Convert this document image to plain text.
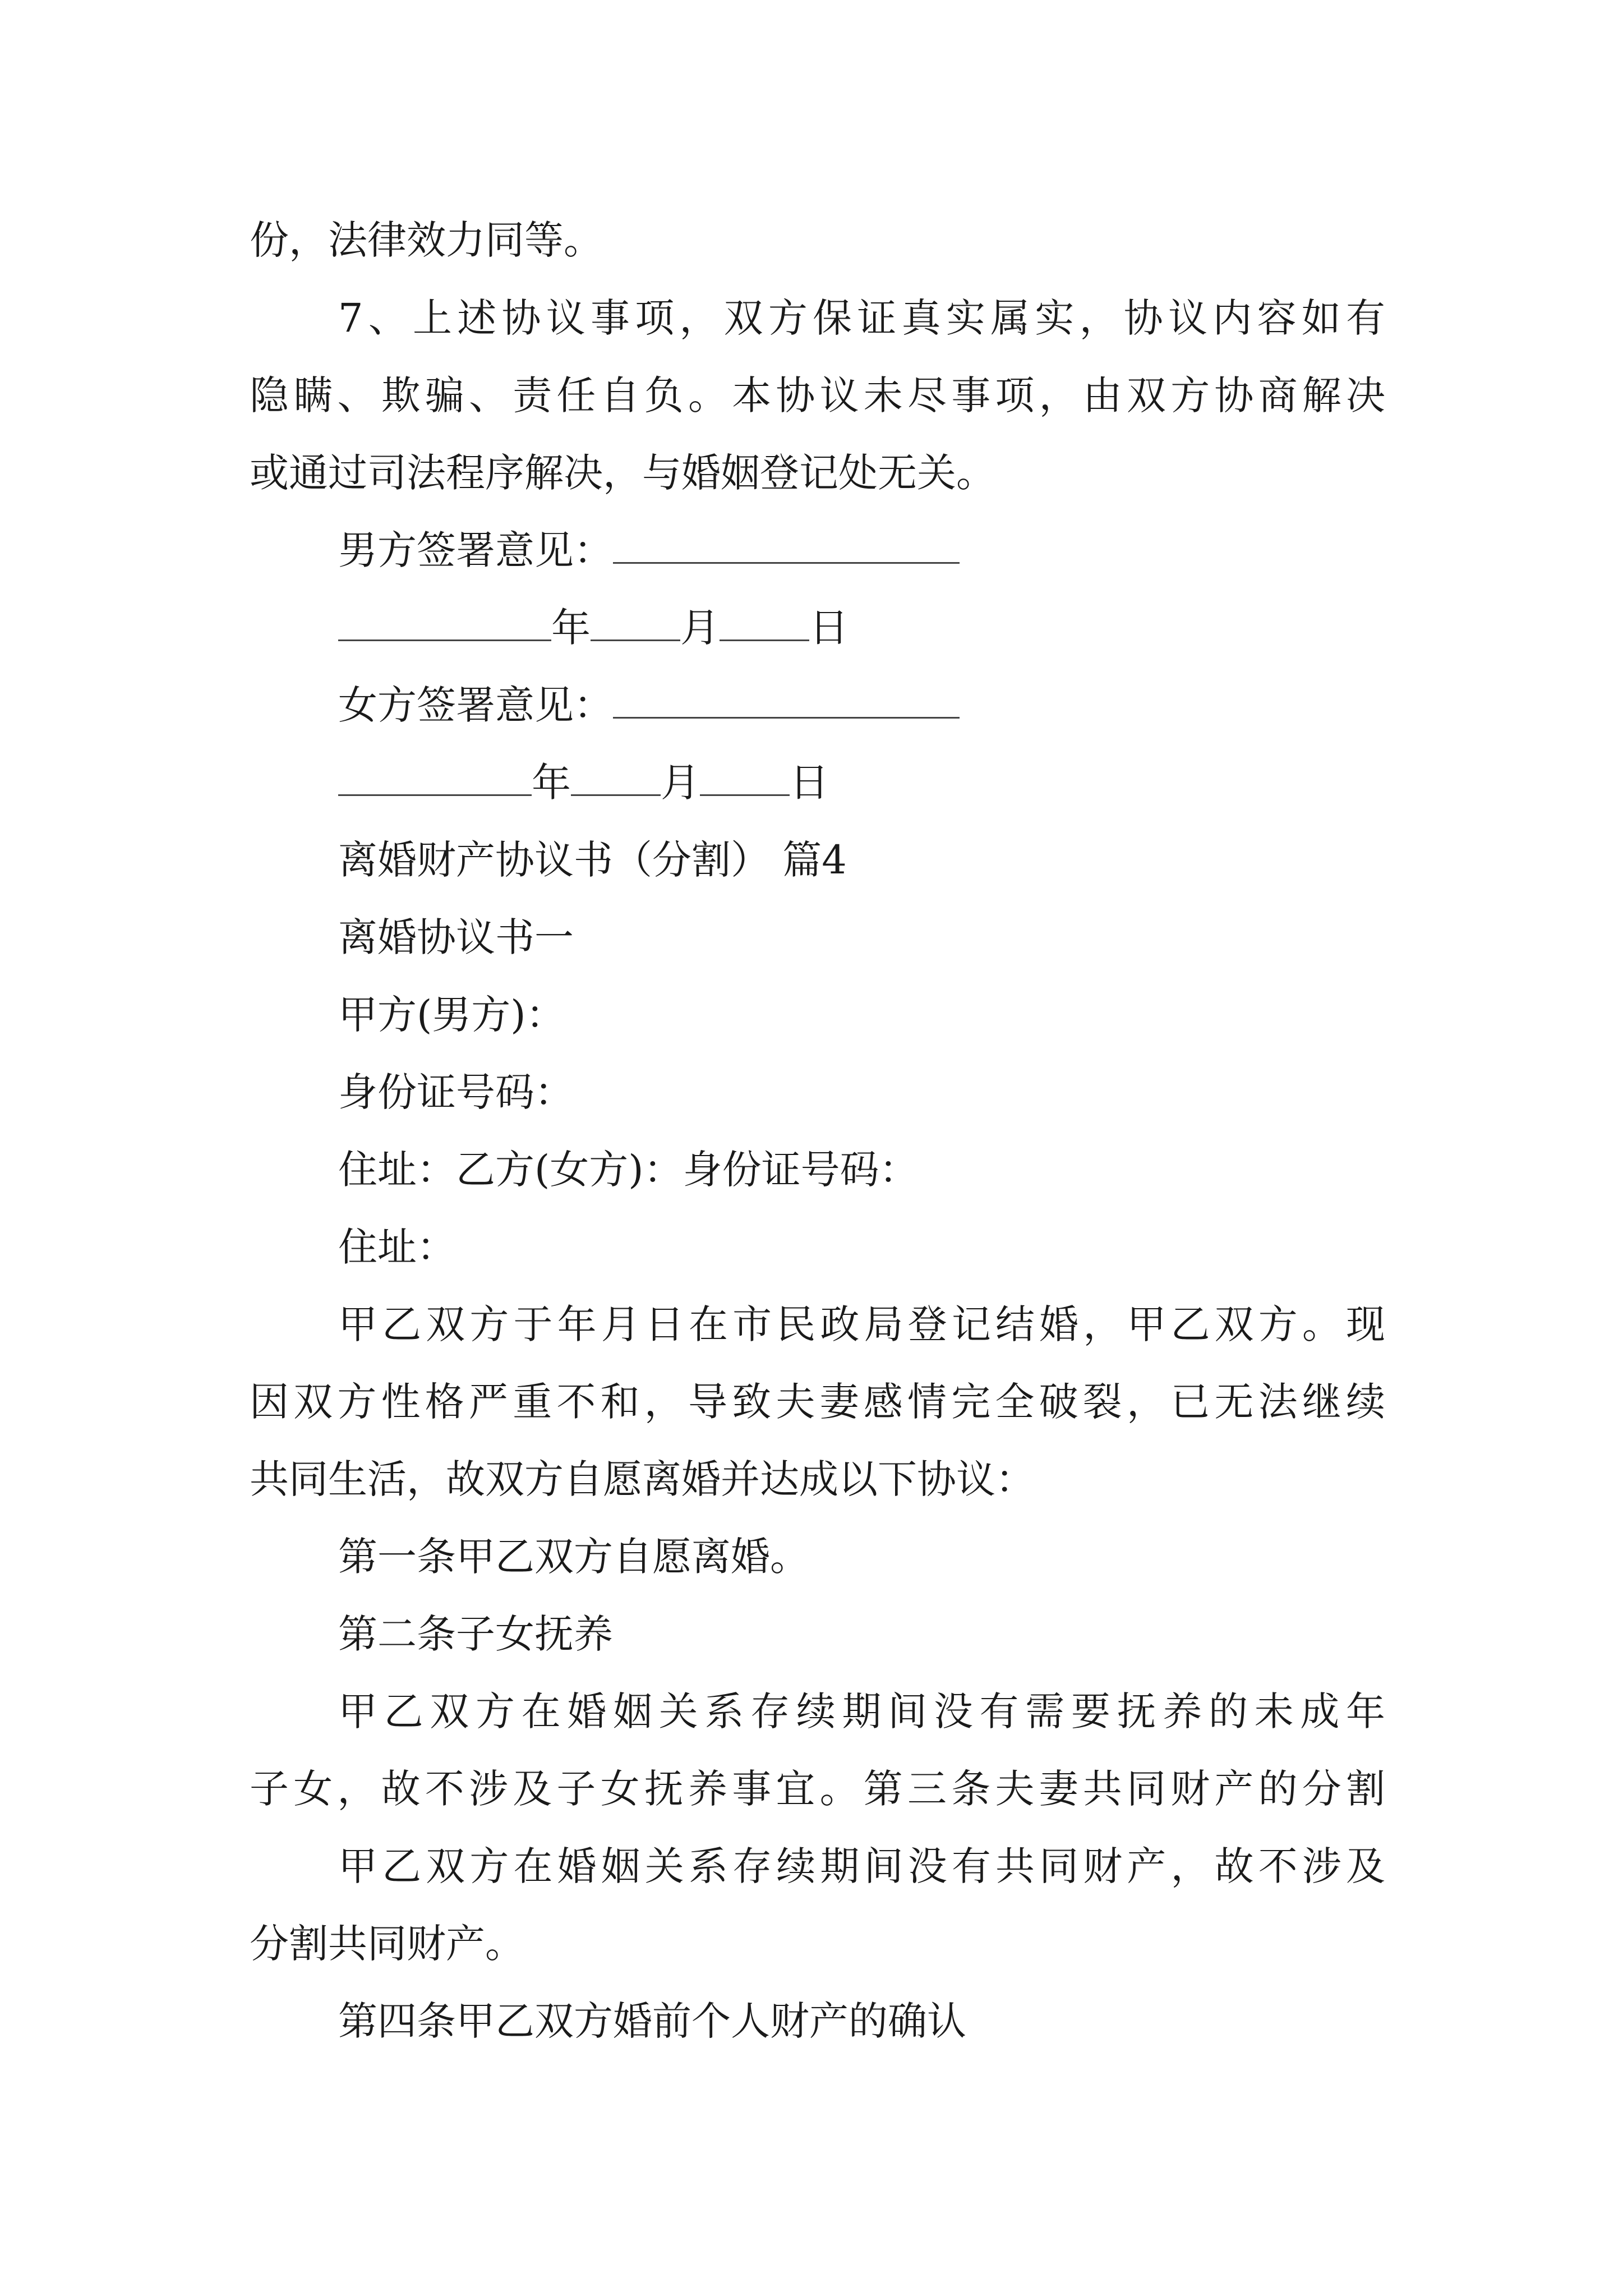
份，法律效力同等。

7、上述协议事项，双方保证真实属实，协议内容如有

隐瞒、欺骗、责任自负。本协议未尽事项，由双方协商解决

或通过司法程序解决，与婚姻登记处无关。

男方签署意见：

年 月 日

女方签署意见：

年 月 日

离婚财产协议书（分割） 篇4

离婚协议书一

甲方(男方)：

身份证号码：

住址：乙方(女方)：身份证号码：

住址：

甲乙双方于年月日在市民政局登记结婚，甲乙双方。现

因双方性格严重不和，导致夫妻感情完全破裂，已无法继续

共同生活，故双方自愿离婚并达成以下协议：

第一条甲乙双方自愿离婚。

第二条子女抚养

甲乙双方在婚姻关系存续期间没有需要抚养的未成年

子女，故不涉及子女抚养事宜。第三条夫妻共同财产的分割

甲乙双方在婚姻关系存续期间没有共同财产，故不涉及

分割共同财产。

第四条甲乙双方婚前个人财产的确认
